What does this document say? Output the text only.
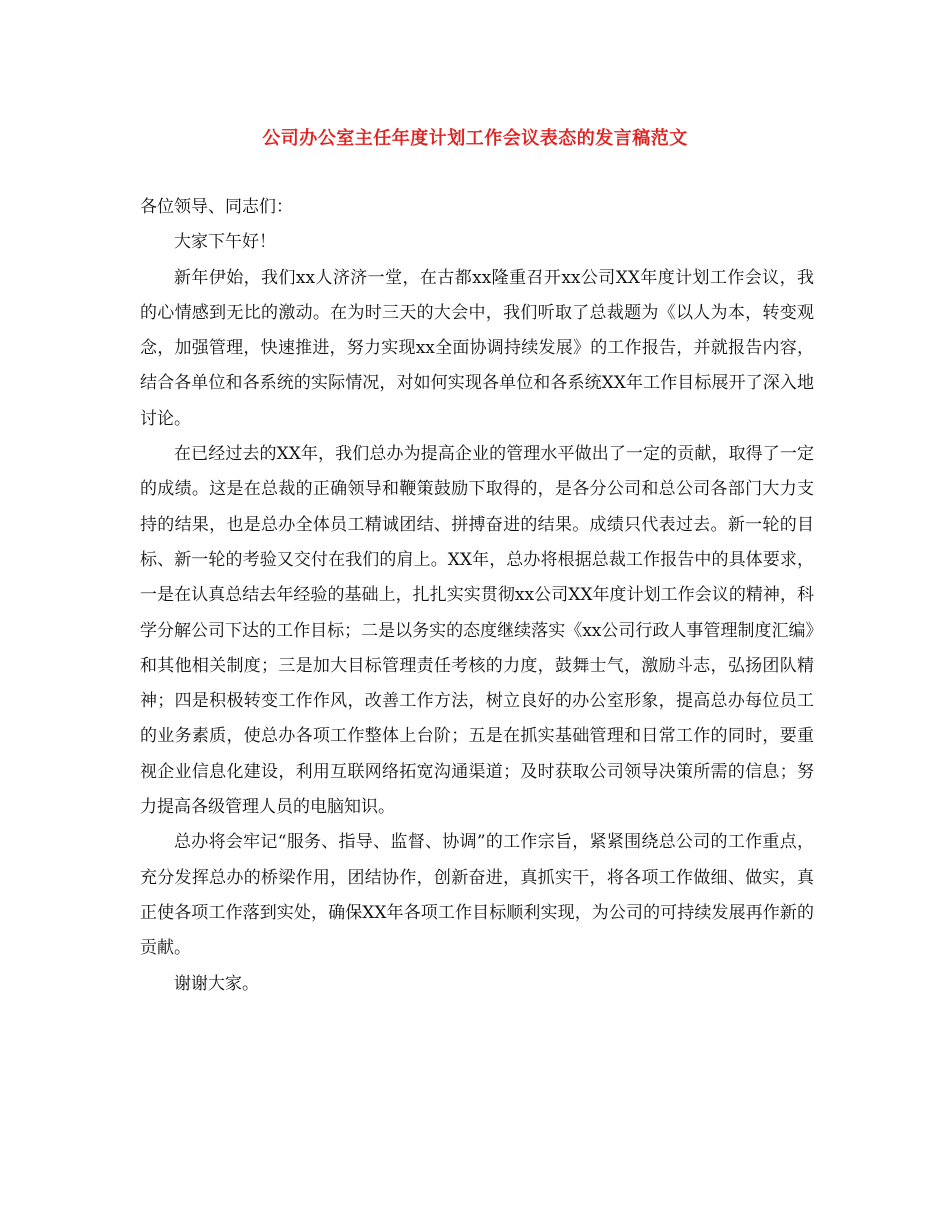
公司办公室主任年度计划工作会议表态的发言稿范文

各位领导、同志们：

大家下午好！

新年伊始，我们xx人济济一堂，在古都xx隆重召开xx公司XX年度计划工作会议，我的心情感到无比的激动。在为时三天的大会中，我们听取了总裁题为《以人为本，转变观念，加强管理，快速推进，努力实现xx全面协调持续发展》的工作报告，并就报告内容，结合各单位和各系统的实际情况，对如何实现各单位和各系统XX年工作目标展开了深入地讨论。

在已经过去的XX年，我们总办为提高企业的管理水平做出了一定的贡献，取得了一定的成绩。这是在总裁的正确领导和鞭策鼓励下取得的，是各分公司和总公司各部门大力支持的结果，也是总办全体员工精诚团结、拼搏奋进的结果。成绩只代表过去。新一轮的目标、新一轮的考验又交付在我们的肩上。XX年，总办将根据总裁工作报告中的具体要求，一是在认真总结去年经验的基础上，扎扎实实贯彻xx公司XX年度计划工作会议的精神，科学分解公司下达的工作目标；二是以务实的态度继续落实《xx公司行政人事管理制度汇编》和其他相关制度；三是加大目标管理责任考核的力度，鼓舞士气，激励斗志，弘扬团队精神；四是积极转变工作作风，改善工作方法，树立良好的办公室形象，提高总办每位员工的业务素质，使总办各项工作整体上台阶；五是在抓实基础管理和日常工作的同时，要重视企业信息化建设，利用互联网络拓宽沟通渠道；及时获取公司领导决策所需的信息；努力提高各级管理人员的电脑知识。

总办将会牢记“服务、指导、监督、协调”的工作宗旨，紧紧围绕总公司的工作重点，充分发挥总办的桥梁作用，团结协作，创新奋进，真抓实干，将各项工作做细、做实，真正使各项工作落到实处，确保XX年各项工作目标顺利实现，为公司的可持续发展再作新的贡献。

谢谢大家。
